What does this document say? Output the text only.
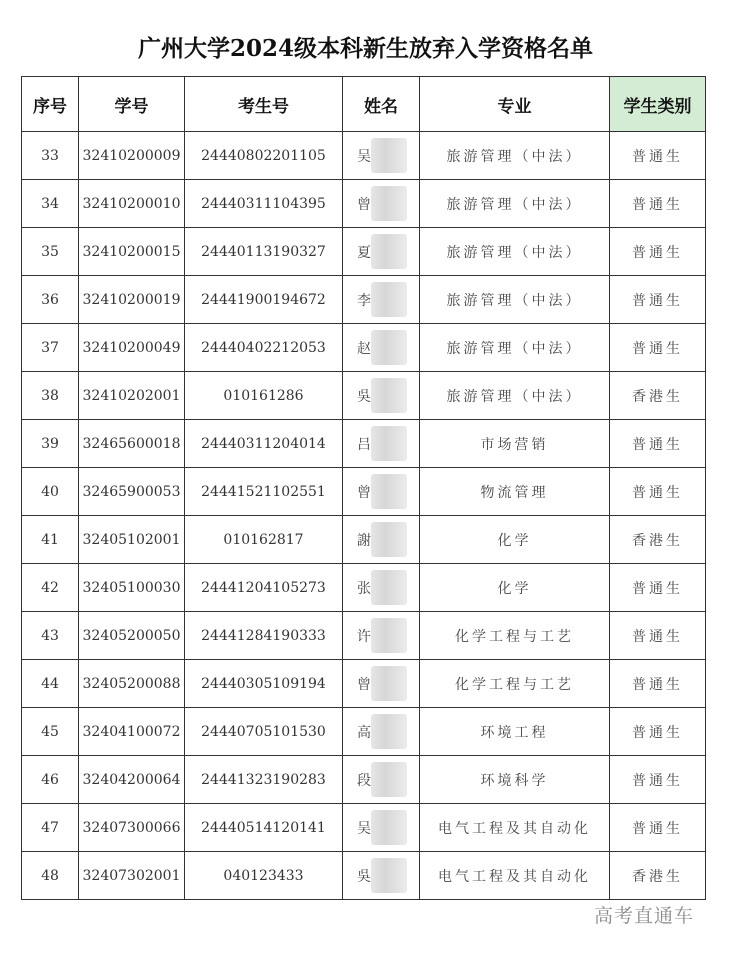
广州大学2024级本科新生放弃入学资格名单
序号	学号	考生号	姓名	专业	学生类别
33	32410200009	24440802201105	吴	旅游管理（中法）	普通生
34	32410200010	24440311104395	曾	旅游管理（中法）	普通生
35	32410200015	24440113190327	夏	旅游管理（中法）	普通生
36	32410200019	24441900194672	李	旅游管理（中法）	普通生
37	32410200049	24440402212053	赵	旅游管理（中法）	普通生
38	32410202001	010161286	吳	旅游管理（中法）	香港生
39	32465600018	24440311204014	吕	市场营销	普通生
40	32465900053	24441521102551	曾	物流管理	普通生
41	32405102001	010162817	謝	化学	香港生
42	32405100030	24441204105273	张	化学	普通生
43	32405200050	24441284190333	许	化学工程与工艺	普通生
44	32405200088	24440305109194	曾	化学工程与工艺	普通生
45	32404100072	24440705101530	高	环境工程	普通生
46	32404200064	24441323190283	段	环境科学	普通生
47	32407300066	24440514120141	吴	电气工程及其自动化	普通生
48	32407302001	040123433	吳	电气工程及其自动化	香港生
高考直通车
